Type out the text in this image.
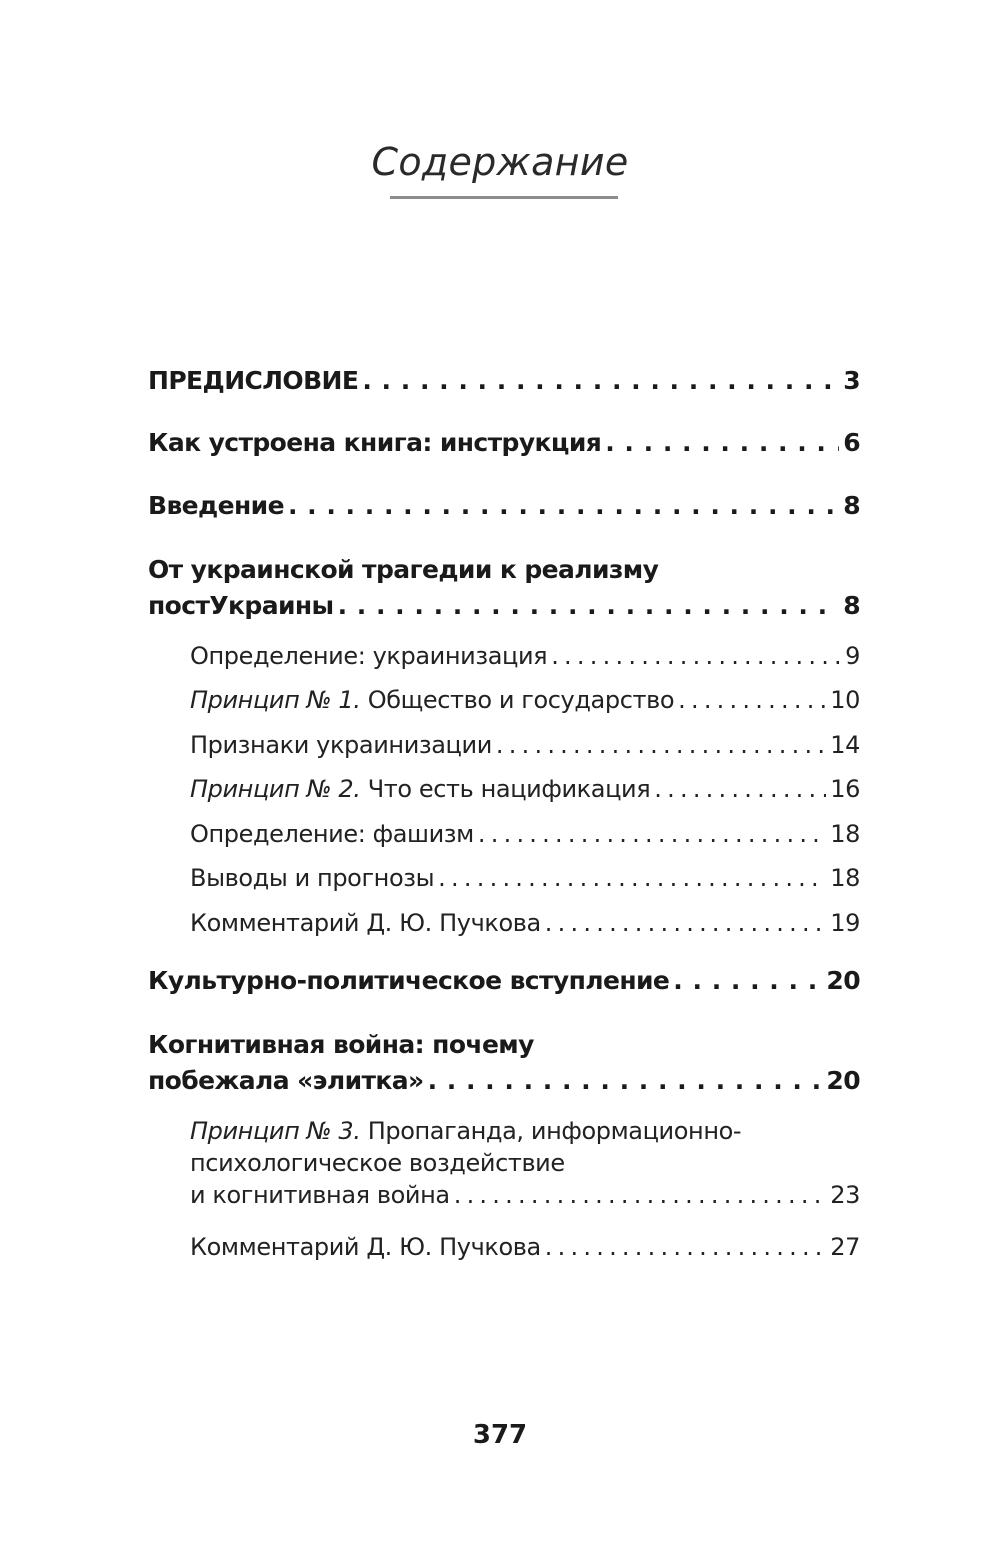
Содержание
ПРЕДИСЛОВИЕ . . .	3
Как устроена книга: инструкция . . .	6
Введение . . .	8
От украинской трагедии к реализму
постУкраины . . .	8
Определение: украинизация . . .	9
Принцип № 1. Общество и государство . . .	10
Признаки украинизации . . .	14
Принцип № 2. Что есть нацификация . . .	16
Определение: фашизм . . .	18
Выводы и прогнозы . . .	18
Комментарий Д. Ю. Пучкова . . .	19
Культурно-политическое вступление . . .	20
Когнитивная война: почему
побежала «элитка» . . .	20
Принцип № 3. Пропаганда, информационно-
психологическое воздействие
и когнитивная война . . .	23
Комментарий Д. Ю. Пучкова . . .	27
377
